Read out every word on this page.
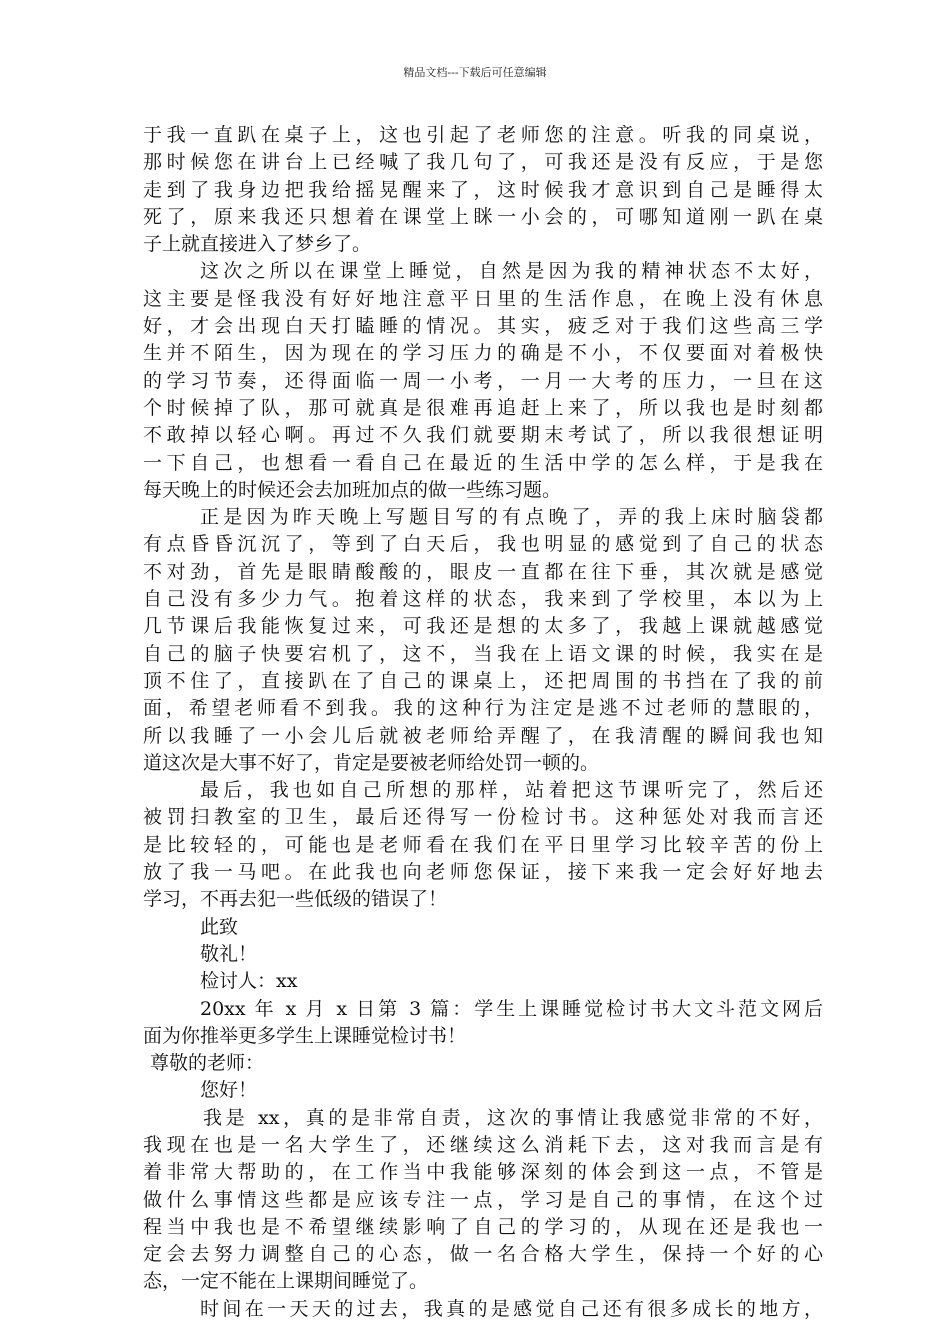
精品文档---下载后可任意编辑
于我一直趴在桌子上，这也引起了老师您的注意。听我的同桌说，
那时候您在讲台上已经喊了我几句了，可我还是没有反应，于是您
走到了我身边把我给摇晃醒来了，这时候我才意识到自己是睡得太
死了，原来我还只想着在课堂上眯一小会的，可哪知道刚一趴在桌
子上就直接进入了梦乡了。
这次之所以在课堂上睡觉，自然是因为我的精神状态不太好，
这主要是怪我没有好好地注意平日里的生活作息，在晚上没有休息
好，才会出现白天打瞌睡的情况。其实，疲乏对于我们这些高三学
生并不陌生，因为现在的学习压力的确是不小，不仅要面对着极快
的学习节奏，还得面临一周一小考，一月一大考的压力，一旦在这
个时候掉了队，那可就真是很难再追赶上来了，所以我也是时刻都
不敢掉以轻心啊。再过不久我们就要期末考试了，所以我很想证明
一下自己，也想看一看自己在最近的生活中学的怎么样，于是我在
每天晚上的时候还会去加班加点的做一些练习题。
正是因为昨天晚上写题目写的有点晚了，弄的我上床时脑袋都
有点昏昏沉沉了，等到了白天后，我也明显的感觉到了自己的状态
不对劲，首先是眼睛酸酸的，眼皮一直都在往下垂，其次就是感觉
自己没有多少力气。抱着这样的状态，我来到了学校里，本以为上
几节课后我能恢复过来，可我还是想的太多了，我越上课就越感觉
自己的脑子快要宕机了，这不，当我在上语文课的时候，我实在是
顶不住了，直接趴在了自己的课桌上，还把周围的书挡在了我的前
面，希望老师看不到我。我的这种行为注定是逃不过老师的慧眼的，
所以我睡了一小会儿后就被老师给弄醒了，在我清醒的瞬间我也知
道这次是大事不好了，肯定是要被老师给处罚一顿的。
最后，我也如自己所想的那样，站着把这节课听完了，然后还
被罚扫教室的卫生，最后还得写一份检讨书。这种惩处对我而言还
是比较轻的，可能也是老师看在我们在平日里学习比较辛苦的份上
放了我一马吧。在此我也向老师您保证，接下来我一定会好好地去
学习，不再去犯一些低级的错误了！
此致
敬礼！
检讨人：xx
20xx 年 x 月 x 日第 3 篇：学生上课睡觉检讨书大文斗范文网后
面为你推举更多学生上课睡觉检讨书！
尊敬的老师：
您好！
我是 xx，真的是非常自责，这次的事情让我感觉非常的不好，
我现在也是一名大学生了，还继续这么消耗下去，这对我而言是有
着非常大帮助的，在工作当中我能够深刻的体会到这一点，不管是
做什么事情这些都是应该专注一点，学习是自己的事情，在这个过
程当中我也是不希望继续影响了自己的学习的，从现在还是我也一
定会去努力调整自己的心态，做一名合格大学生，保持一个好的心
态，一定不能在上课期间睡觉了。
时间在一天天的过去，我真的是感觉自己还有很多成长的地方，
